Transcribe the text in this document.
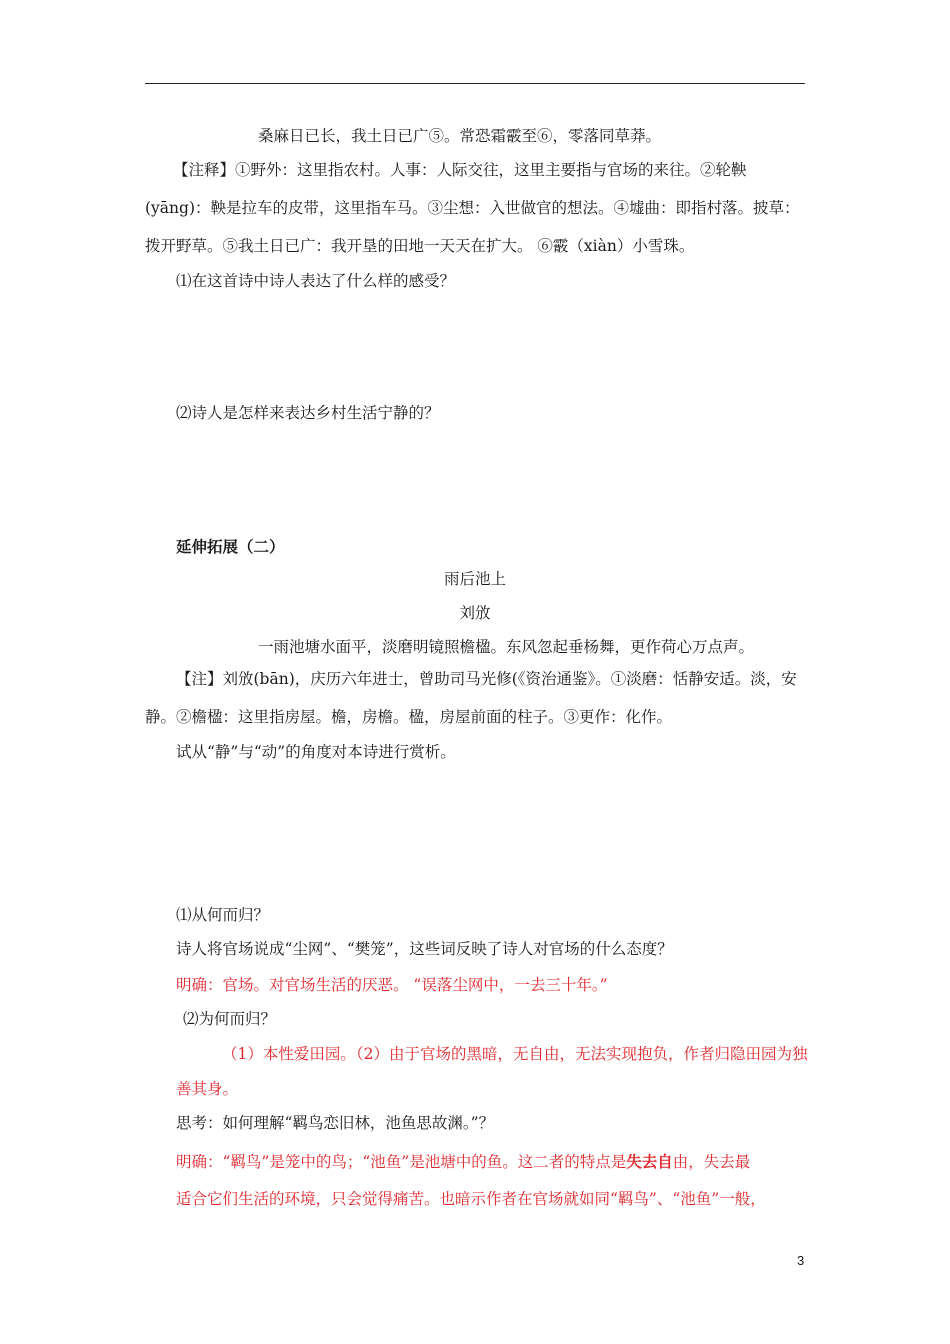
桑麻日已长，我土日已广⑤。常恐霜霰至⑥，零落同草莽。
【注释】①野外：这里指农村。人事：人际交往，这里主要指与官场的来往。②轮鞅
(yāng)：鞅是拉车的皮带，这里指车马。③尘想：入世做官的想法。④墟曲：即指村落。披草：
拨开野草。⑤我土日已广：我开垦的田地一天天在扩大。 ⑥霰（xiàn）小雪珠。
⑴在这首诗中诗人表达了什么样的感受？
⑵诗人是怎样来表达乡村生活宁静的？
延伸拓展（二）
雨后池上
刘攽
一雨池塘水面平，淡磨明镜照檐楹。东风忽起垂杨舞，更作荷心万点声。
【注】刘攽(bān)，庆历六年进士，曾助司马光修(《资治通鉴》。①淡磨：恬静安适。淡，安
静。②檐楹：这里指房屋。檐，房檐。楹，房屋前面的柱子。③更作：化作。
试从“静”与“动”的角度对本诗进行赏析。
⑴从何而归？
诗人将官场说成“尘网”、“樊笼”，这些词反映了诗人对官场的什么态度？
明确：官场。对官场生活的厌恶。 “误落尘网中，一去三十年。”
⑵为何而归？
（1）本性爱田园。（2）由于官场的黑暗，无自由，无法实现抱负，作者归隐田园为独
善其身。
思考：如何理解“羁鸟恋旧林，池鱼思故渊。”？
明确：“羁鸟”是笼中的鸟；“池鱼”是池塘中的鱼。这二者的特点是失去自由，失去最
适合它们生活的环境，只会觉得痛苦。也暗示作者在官场就如同“羁鸟”、“池鱼”一般，
3
